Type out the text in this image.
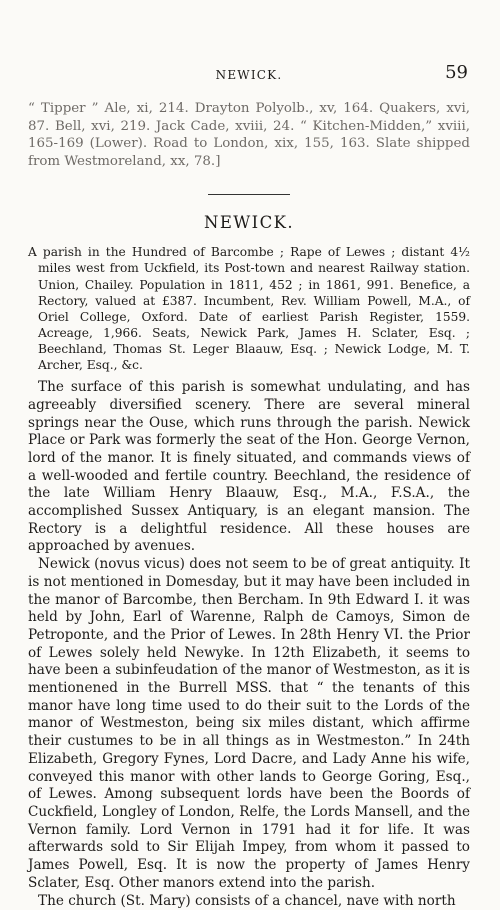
NEWICK.	59
“ Tipper ” Ale, xi, 214. Drayton Polyolb., xv, 164. Quakers, xvi, 87. Bell, xvi, 219. Jack Cade, xviii, 24. “ Kitchen-Midden,” xviii, 165-169 (Lower). Road to London, xix, 155, 163. Slate shipped from Westmoreland, xx, 78.]
NEWICK.
A parish in the Hundred of Barcombe ; Rape of Lewes ; distant 4½ miles west from Uckfield, its Post-town and nearest Railway station. Union, Chailey. Population in 1811, 452 ; in 1861, 991. Benefice, a Rectory, valued at £387. Incumbent, Rev. William Powell, M.A., of Oriel College, Oxford. Date of earliest Parish Register, 1559. Acreage, 1,966. Seats, Newick Park, James H. Sclater, Esq. ; Beechland, Thomas St. Leger Blaauw, Esq. ; Newick Lodge, M. T. Archer, Esq., &c.

The surface of this parish is somewhat undulating, and has agreeably diversified scenery. There are several mineral springs near the Ouse, which runs through the parish. Newick Place or Park was formerly the seat of the Hon. George Vernon, lord of the manor. It is finely situated, and commands views of a well-wooded and fertile country. Beechland, the residence of the late William Henry Blaauw, Esq., M.A., F.S.A., the accomplished Sussex Antiquary, is an elegant mansion. The Rectory is a delightful residence. All these houses are approached by avenues.

Newick (novus vicus) does not seem to be of great antiquity. It is not mentioned in Domesday, but it may have been included in the manor of Barcombe, then Bercham. In 9th Edward I. it was held by John, Earl of Warenne, Ralph de Camoys, Simon de Petroponte, and the Prior of Lewes. In 28th Henry VI. the Prior of Lewes solely held Newyke. In 12th Elizabeth, it seems to have been a subinfeudation of the manor of Westmeston, as it is mentionened in the Burrell MSS. that “ the tenants of this manor have long time used to do their suit to the Lords of the manor of Westmeston, being six miles distant, which affirme their custumes to be in all things as in Westmeston.” In 24th Elizabeth, Gregory Fynes, Lord Dacre, and Lady Anne his wife, conveyed this manor with other lands to George Goring, Esq., of Lewes. Among subsequent lords have been the Boords of Cuckfield, Longley of London, Relfe, the Lords Mansell, and the Vernon family. Lord Vernon in 1791 had it for life. It was afterwards sold to Sir Elijah Impey, from whom it passed to James Powell, Esq. It is now the property of James Henry Sclater, Esq. Other manors extend into the parish.

The church (St. Mary) consists of a chancel, nave with north
